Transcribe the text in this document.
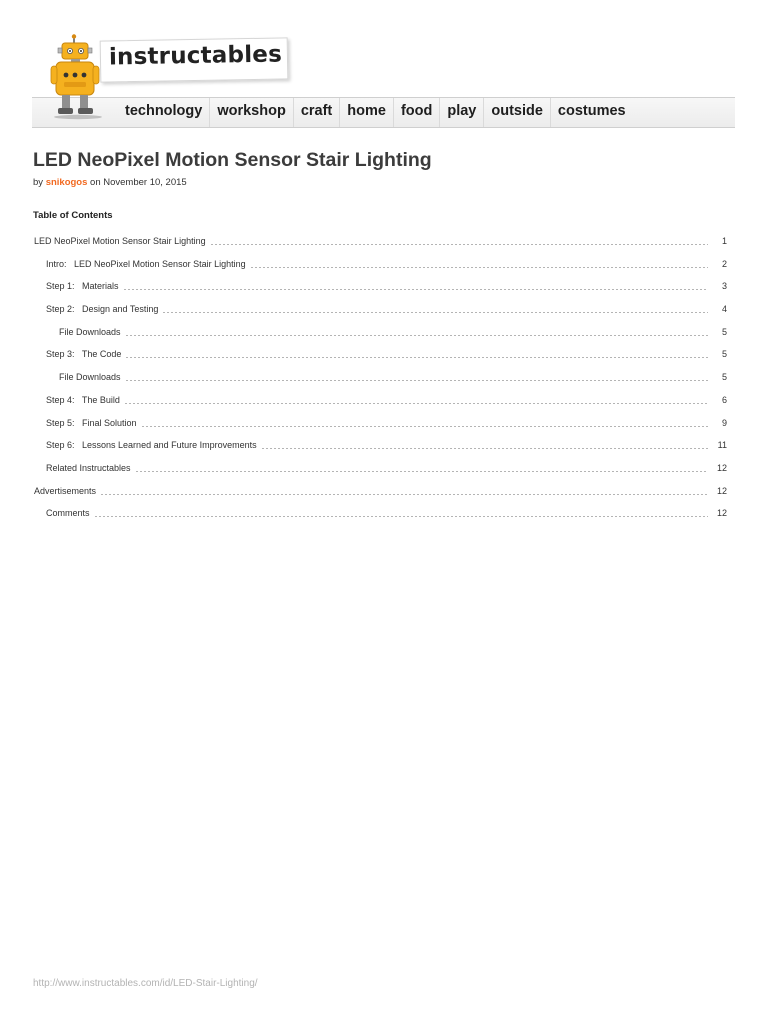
technology	workshop	craft	home	food	play	outside	costumes
instructables
LED NeoPixel Motion Sensor Stair Lighting
by snikogos on November 10, 2015
Table of Contents
LED NeoPixel Motion Sensor Stair Lighting	1
Intro:   LED NeoPixel Motion Sensor Stair Lighting	2
Step 1:   Materials	3
Step 2:   Design and Testing	4
File Downloads	5
Step 3:   The Code	5
File Downloads	5
Step 4:   The Build	6
Step 5:   Final Solution	9
Step 6:   Lessons Learned and Future Improvements	11
Related Instructables	12
Advertisements	12
Comments	12
http://www.instructables.com/id/LED-Stair-Lighting/
